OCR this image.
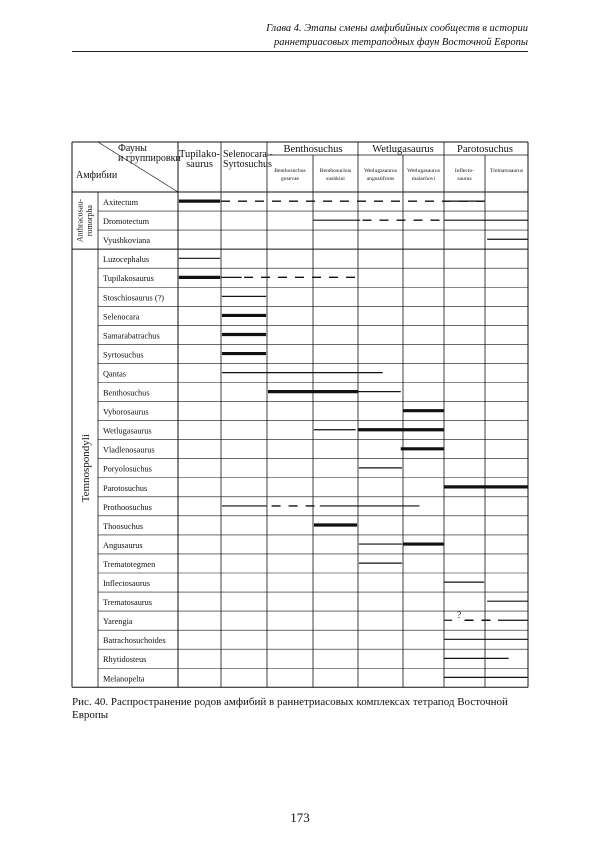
Глава 4. Этапы смены амфибийных сообществ в истории
раннетриасовых тетраподных фаун Восточной Европы
Фауны
и группировки
Амфибии
Tupilako-
saurus
Selenocara -
Syrtosuchus
Benthosuchus	Wetlugasaurus Parotosuchus
Benthosuchus
gusevae
Benthosuchus
sushkini
Wetlugasaurus
angustifrons
Wetlugasaurus
malachovi
Inflecto-
saurus
Trematosaurus
Axitectum
Dromotectum
Vyushkoviana
Luzocephalus
Tupilakosaurus
Stoschiosaurus (?)
Selenocara
Samarabatrachus
Syrtosuchus
Qantas
Benthosuchus
Vyborosaurus
Wetlugasaurus
Vladlenosaurus
Poryolosuchus
Parotosuchus
Prothoosuchus
Thoosuchus
Angusaurus
Trematotegmen
Inflectosaurus
Trematosaurus
Yarengia
Batrachosuchoides
Rhytidosteus
Melanopelta
Anthracosau- romorpha
Temnospondyli
?
Рис. 40. Распространение родов амфибий в раннетриасовых комплексах тетрапод Восточной Европы
173
